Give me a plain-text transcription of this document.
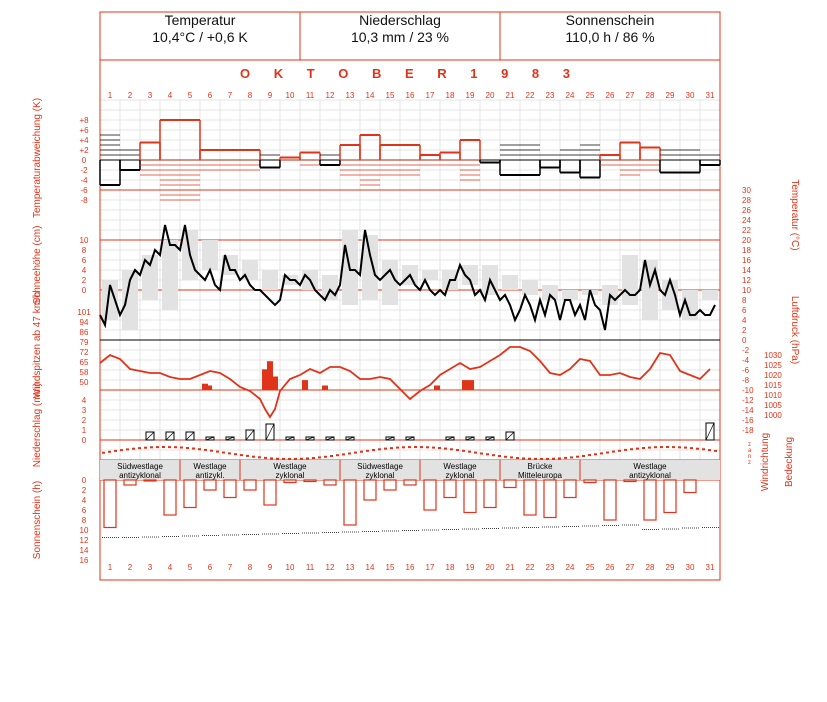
Temperatur
10,4°C / +0,6 K
Niederschlag
10,3 mm / 23 %
Sonnenschein
110,0 h / 86 %
O K T O B E R 1 9 8 3
1
1
2
2
3
3
4
4
5
5
6
6
7
7
8
8
9
9
10
10
11
11
12
12
13
13
14
14
15
15
16
16
17
17
18
18
19
19
20
20
21
21
22
22
23
23
24
24
25
25
26
26
27
27
28
28
29
29
30
30
31
31
+8
+6
+4
+2
0
-2
-4
-6
-8
30
28
26
24
22
20
18
16
14
12
10
8
6
4
2
0
-2
-4
-6
-8
-10
-12
-14
-16
-18
10
8
6
4
2
0
101
94
86
79
72
65
58
50
1030
1025
1020
1015
1010
1005
1000
4
3
2
1
0	z
a
n
z
Südwestlage
antizyklonal
Westlage
antizykl.
Westlage
zyklonal
Südwestlage
zyklonal
Westlage
zyklonal
Brücke
Mitteleuropa
Westlage
antizyklonal
0
2
4
6
8
10
12
14
16
Temperaturabweichung (K)
Schneehöhe (cm)
Windspitzen ab 47 km/h
Niederschlag (mm)
Sonnenschein (h)
Temperatur (°C)
Luftdruck (hPa)
Windrichtung Bedeckung
